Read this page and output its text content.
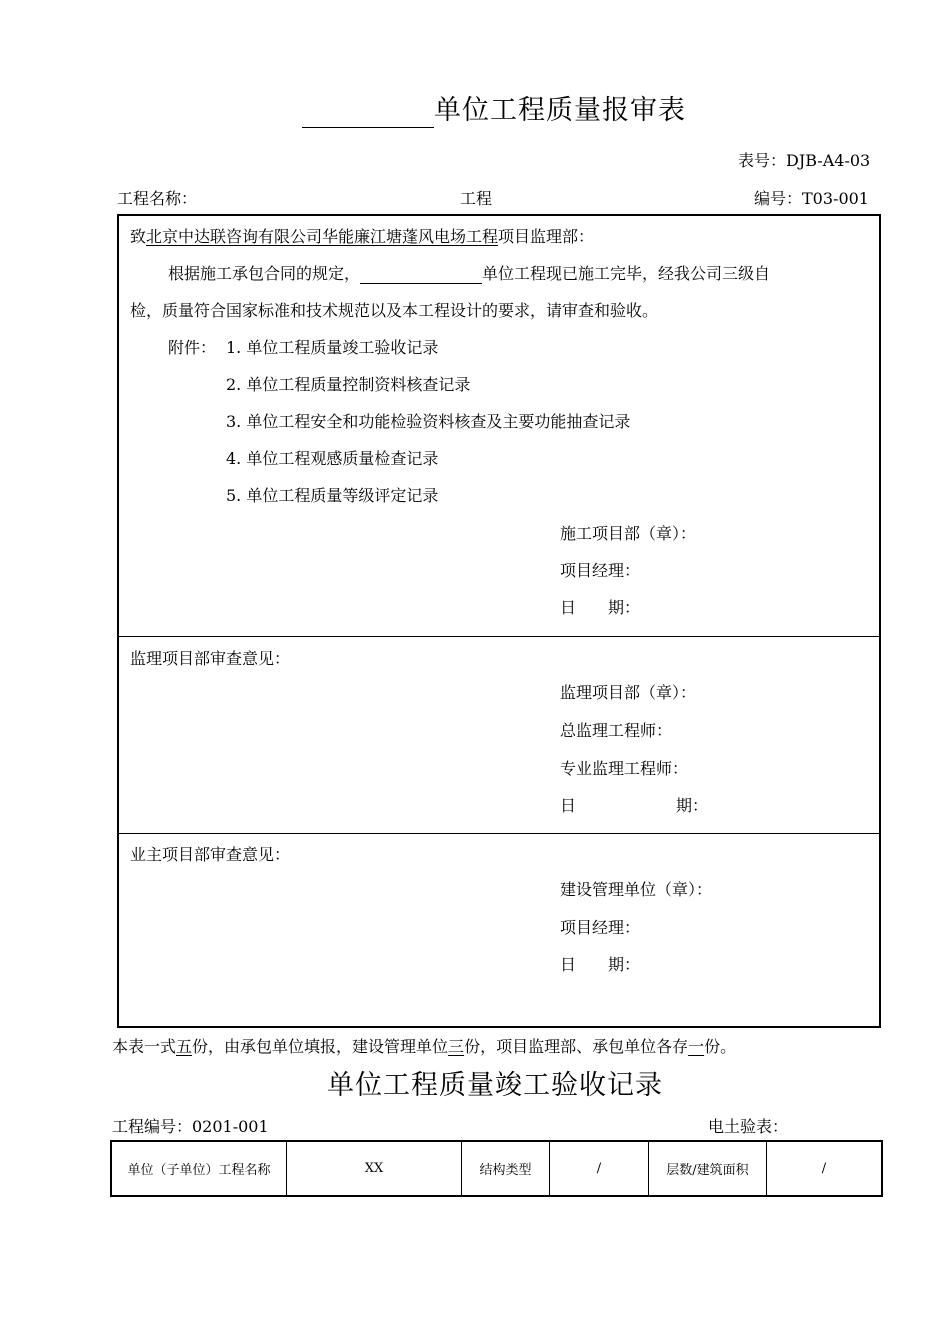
单位工程质量报审表
表号：DJB-A4-03
工程名称：	工程	编号：T03-001
致北京中达联咨询有限公司华能廉江塘蓬风电场工程项目监理部：
根据施工承包合同的规定，	单位工程现已施工完毕，经我公司三级自
检，质量符合国家标准和技术规范以及本工程设计的要求，请审查和验收。
附件： 1. 单位工程质量竣工验收记录
2. 单位工程质量控制资料核查记录
3. 单位工程安全和功能检验资料核查及主要功能抽查记录
4. 单位工程观感质量检查记录
5. 单位工程质量等级评定记录
施工项目部（章）：
项目经理：
日　　期：
监理项目部审查意见：
监理项目部（章）：
总监理工程师：
专业监理工程师：
日	期：
业主项目部审查意见：
建设管理单位（章）：
项目经理：
日　　期：
本表一式五份，由承包单位填报，建设管理单位三份，项目监理部、承包单位各存一份。
单位工程质量竣工验收记录
工程编号：0201-001	电土验表：
单位（子单位）工程名称	XX	结构类型	/	层数/建筑面积	/
